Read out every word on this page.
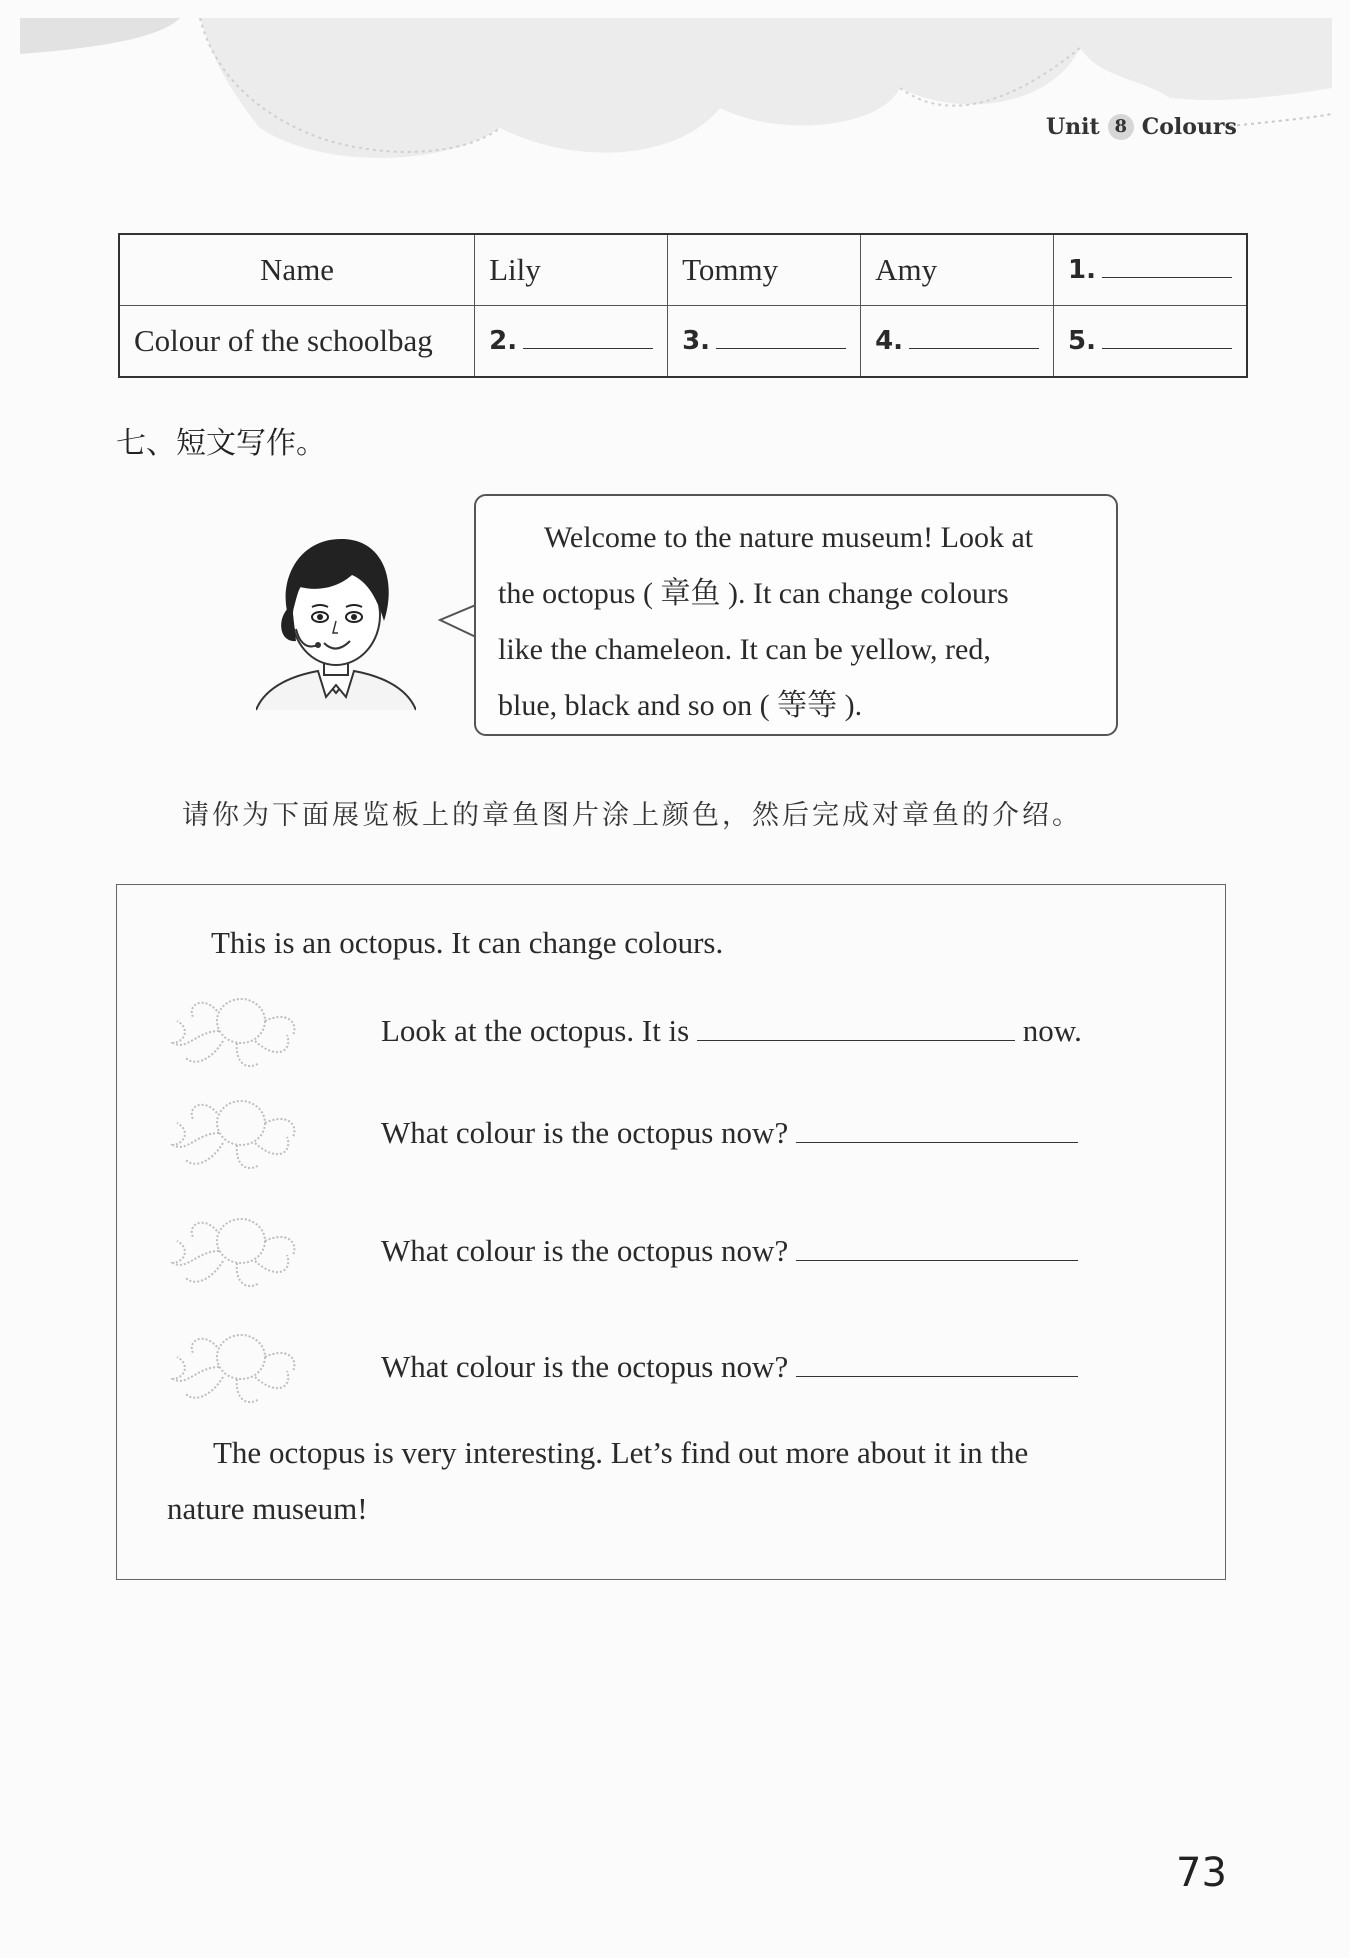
Unit 8 Colours
Name	Lily	Tommy	Amy	1.
Colour of the schoolbag	2.	3.	4.	5.
七、短文写作。

Welcome to the nature museum! Look at

the octopus ( 章鱼 ). It can change colours
like the chameleon. It can be yellow, red,
blue, black and so on ( 等等 ).
请你为下面展览板上的章鱼图片涂上颜色，然后完成对章鱼的介绍。
This is an octopus. It can change colours.
Look at the octopus. It is	now.
What colour is the octopus now?
What colour is the octopus now?
What colour is the octopus now?
The octopus is very interesting. Let’s find out more about it in the
nature museum!
73
